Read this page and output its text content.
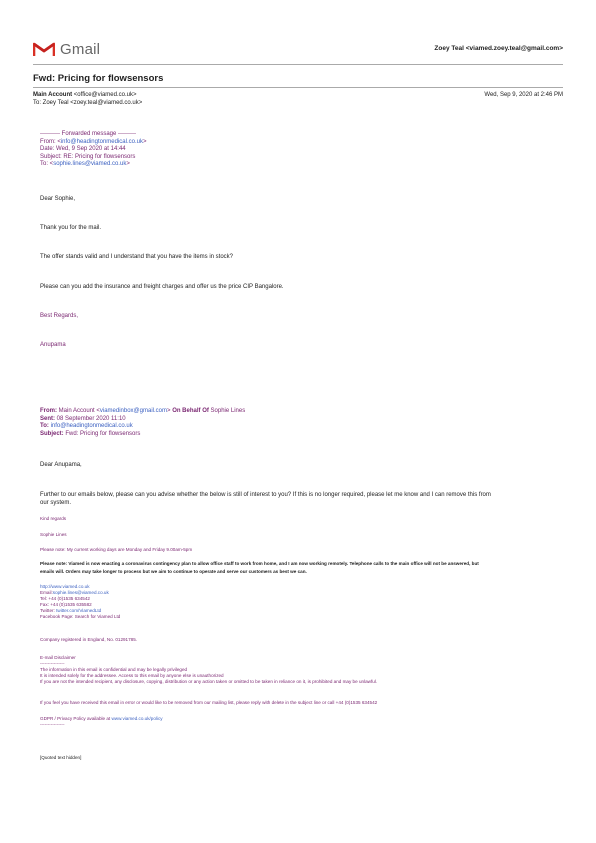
Gmail	Zoey Teal <viamed.zoey.teal@gmail.com>
Fwd: Pricing for flowsensors
Main Account <office@viamed.co.uk>	Wed, Sep 9, 2020 at 2:46 PM
To: Zoey Teal <zoey.teal@viamed.co.uk>
---------- Forwarded message ---------
From: <info@headingtonmedical.co.uk>
Date: Wed, 9 Sep 2020 at 14:44
Subject: RE: Pricing for flowsensors
To: <sophie.lines@viamed.co.uk>
Dear Sophie,
Thank you for the mail.
The offer stands valid and I understand that you have the items in stock?
Please can you add the insurance and freight charges and offer us the price CIP Bangalore.
Best Regards,
Anupama
From: Main Account <viamedinbox@gmail.com> On Behalf Of Sophie Lines
Sent: 08 September 2020 11:10
To: info@headingtonmedical.co.uk
Subject: Fwd: Pricing for flowsensors
Dear Anupama,
Further to our emails below, please can you advise whether the below is still of interest to you? If this is no longer required, please let me know and I can remove this from
our system.
Kind regards
Sophie Lines
Please note: My current working days are Monday and Friday 9.00am-5pm
Please note: Viamed is now enacting a coronavirus contingency plan to allow office staff to work from home, and I am now working remotely. Telephone calls to the main office will not be answered, but
emails will. Orders may take longer to process but we aim to continue to operate and serve our customers as best we can.
http://www.viamed.co.uk
Email:sophie.lines@viamed.co.uk
Tel: +44 (0)1535 634542
Fax: +44 (0)1535 635582
Twitter: twitter.com/ViamedLtd
Facebook Page: Search for Viamed Ltd
Company registered in England, No. 01291785.
E-mail Disclaimer
----------------
The information in this email is confidential and may be legally privileged
It is intended solely for the addressee. Access to this email by anyone else is unauthorized
If you are not the intended recipient, any disclosure, copying, distribution or any action taken or omitted to be taken in reliance on it, is prohibited and may be unlawful.
If you feel you have received this email in error or would like to be removed from our mailing list, please reply with delete in the subject line or call +44 (0)1535 634542
GDPR / Privacy Policy available at www.viamed.co.uk/policy
----------------
[Quoted text hidden]
